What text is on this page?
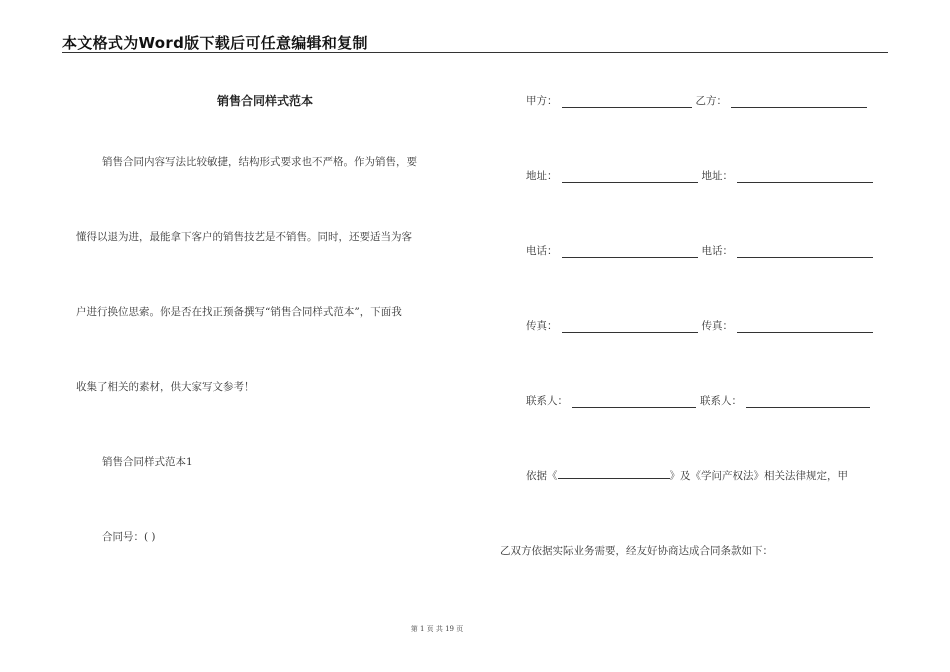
本文格式为Word版下载后可任意编辑和复制
销售合同样式范本
销售合同内容写法比较敏捷，结构形式要求也不严格。作为销售，要
懂得以退为进，最能拿下客户的销售技艺是不销售。同时，还要适当为客
户进行换位思索。你是否在找正预备撰写“销售合同样式范本”，下面我
收集了相关的素材，供大家写文参考！
销售合同样式范本1
合同号：( )
甲方：	乙方：
地址：	地址：
电话：	电话：
传真：	传真：
联系人：	联系人：
依据《	》及《学问产权法》相关法律规定，甲
乙双方依据实际业务需要，经友好协商达成合同条款如下：
第 1 页 共 19 页
